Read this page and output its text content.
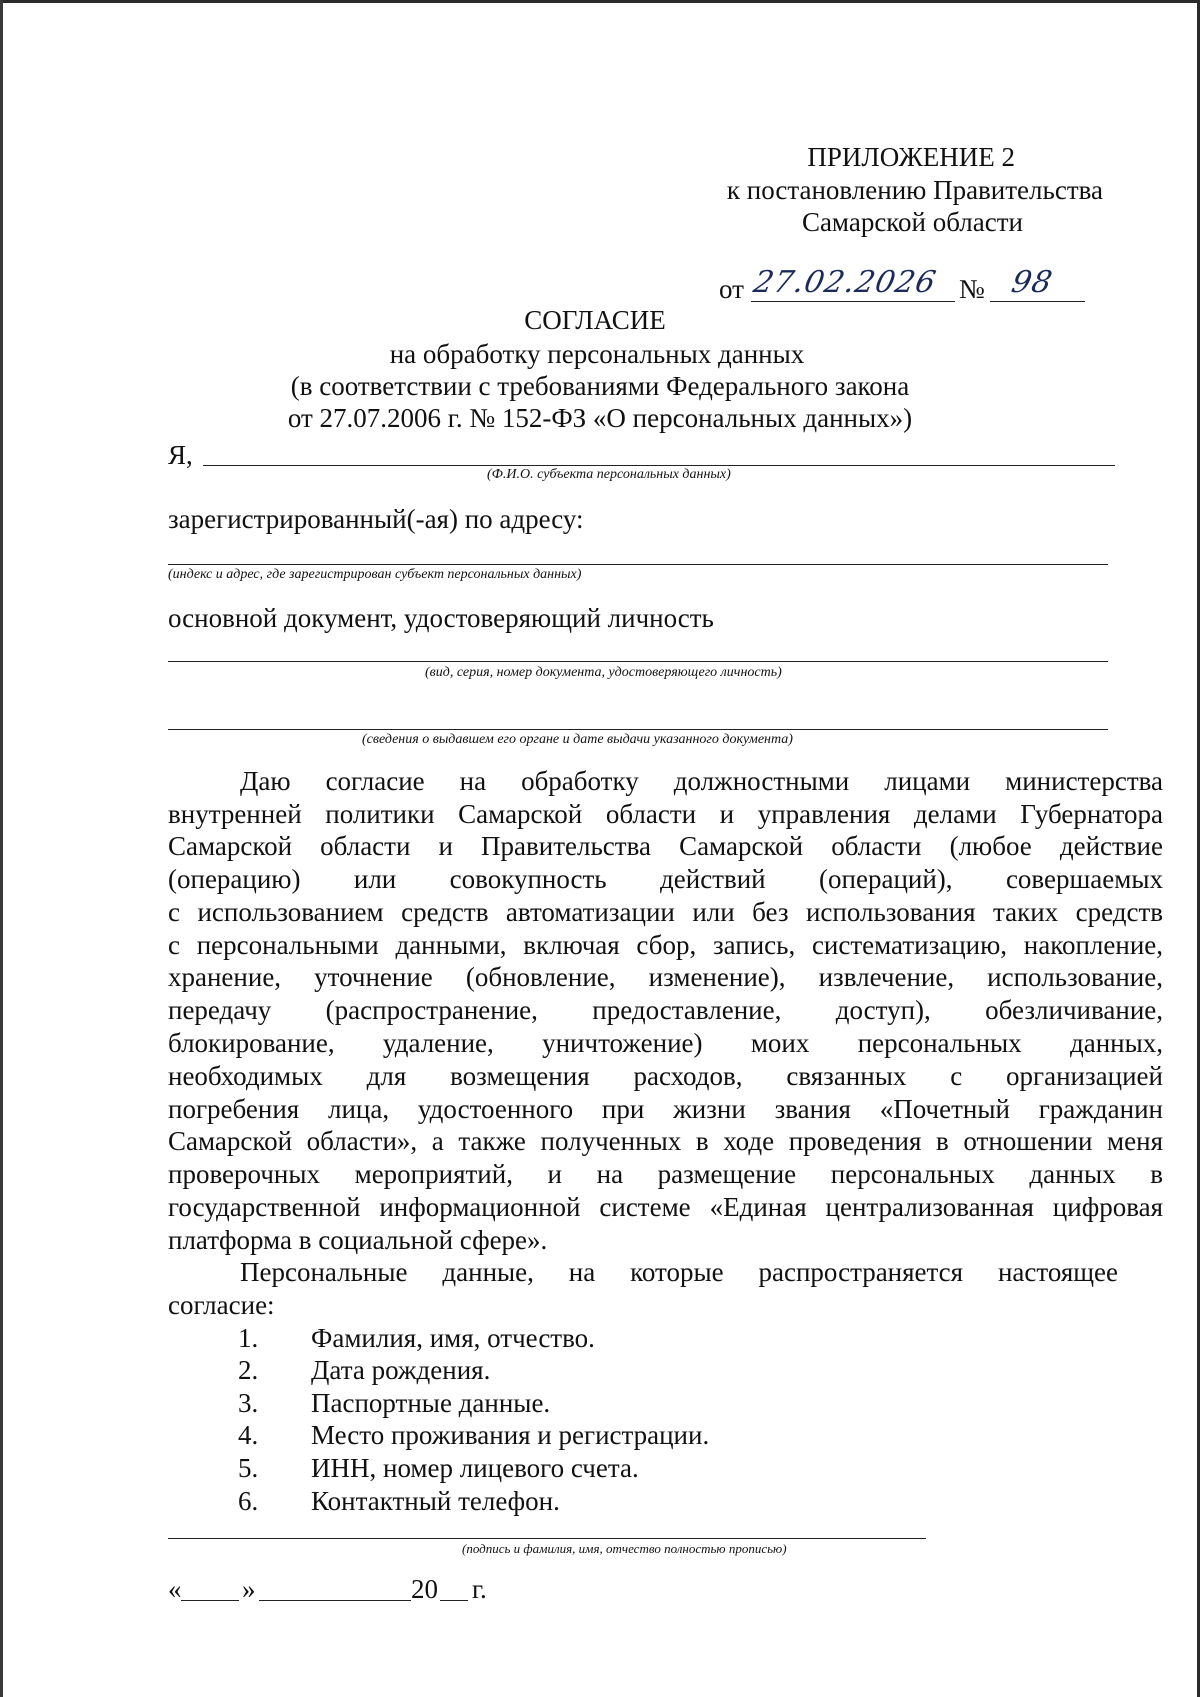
ПРИЛОЖЕНИЕ 2
к постановлению Правительства
Самарской области
от 27.02.2026 № 98
СОГЛАСИЕ
на обработку персональных данных
(в соответствии с требованиями Федерального закона
от 27.07.2006 г. № 152-ФЗ «О персональных данных»)
Я,
(Ф.И.О. субъекта персональных данных)
зарегистрированный(-ая) по адресу:
(индекс и адрес, где зарегистрирован субъект персональных данных)
основной документ, удостоверяющий личность
(вид, серия, номер документа, удостоверяющего личность)
(сведения о выдавшем его органе и дате выдачи указанного документа)
Даю согласие на обработку должностными лицами министерства
внутренней политики Самарской области и управления делами Губернатора
Самарской области и Правительства Самарской области (любое действие
(операцию) или совокупность действий (операций), совершаемых
с использованием средств автоматизации или без использования таких средств
с персональными данными, включая сбор, запись, систематизацию, накопление,
хранение, уточнение (обновление, изменение), извлечение, использование,
передачу (распространение, предоставление, доступ), обезличивание,
блокирование, удаление, уничтожение) моих персональных данных,
необходимых для возмещения расходов, связанных с организацией
погребения лица, удостоенного при жизни звания «Почетный гражданин
Самарской области», а также полученных в ходе проведения в отношении меня
проверочных мероприятий, и на размещение персональных данных в
государственной информационной системе «Единая централизованная цифровая
платформа в социальной сфере».
Персональные данные, на которые распространяется настоящее
согласие:
1. Фамилия, имя, отчество.
2. Дата рождения.
3. Паспортные данные.
4. Место проживания и регистрации.
5. ИНН, номер лицевого счета.
6. Контактный телефон.
(подпись и фамилия, имя, отчество полностью прописью)
« »	20 г.
